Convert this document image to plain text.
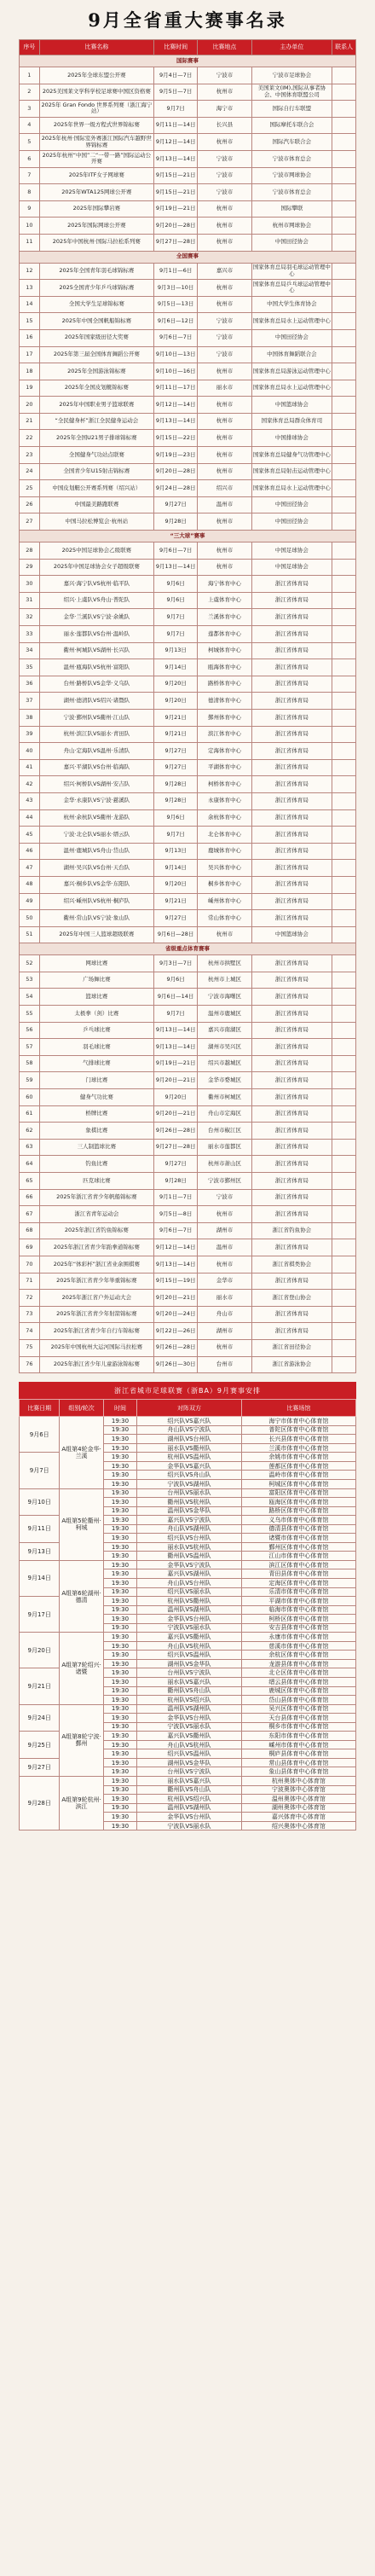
9月全省重大赛事名录
序号	比赛名称	比赛时间	比赛地点	主办单位	联系人
国际赛事					
1	2025年全球东盟公开赛	9月4日—7日	宁波市	宁波市足球协会	
2	2025美国莱文学科学校足球赛中国区资格赛	9月5日—7日	杭州市	美国莱文(IM),国际从事者协会、中国体育联盟公司	
3	2025年 Gran Fondo 世界系列赛（浙江海宁站）	9月7日	海宁市	国际自行车联盟	
4	2025年世界一级方程式世界锦标赛	9月11日—14日	长兴县	国际摩托车联合会	
5	2025年杭州·国际室外赛浙江国际汽车越野世界锦标赛	9月12日—14日	杭州市	国际汽车联合会	
6	2025年杭州“中国”二“一带一路”国际运动公开赛	9月13日—14日	宁波市	宁波市体育总会	
7	2025年ITF女子网球赛	9月15日—21日	宁波市	宁波市网球协会	
8	2025年WTA125网球公开赛	9月15日—21日	宁波市	宁波市体育总会	
9	2025年国际攀岩赛	9月19日—21日	杭州市	国际攀联	
10	2025年国际网球公开赛	9月20日—28日	杭州市	杭州市网球协会	
11	2025年中国杭州·国际马拉松系列赛	9月27日—28日	杭州市	中国田径协会	
全国赛事					
12	2025年全国青年羽毛球锦标赛	9月1日—6日	嘉兴市	国家体育总局羽毛球运动管理中心	
13	2025全国青少年乒乓球锦标赛	9月3日—10日	杭州市	国家体育总局乒乓球运动管理中心	
14	全国大学生足球锦标赛	9月5日—13日	杭州市	中国大学生体育协会	
15	2025年中国全国帆船锦标赛	9月6日—12日	宁波市	国家体育总局水上运动管理中心	
16	2025年国家级田径大奖赛	9月6日—7日	宁波市	中国田径协会	
17	2025年第三届全国体育舞蹈公开赛	9月10日—13日	宁波市	中国体育舞蹈联合会	
18	2025年全国游泳锦标赛	9月10日—16日	杭州市	国家体育总局游泳运动管理中心	
19	2025年全国皮划艇锦标赛	9月11日—17日	丽水市	国家体育总局水上运动管理中心	
20	2025年中国职业男子篮球联赛	9月12日—14日	杭州市	中国篮球协会	
21	“全民健身杯”浙江全民健身运动会	9月13日—14日	杭州市	国家体育总局群众体育司	
22	2025年全国U21男子排球锦标赛	9月15日—22日	杭州市	中国排球协会	
23	全国健身气功站点联赛	9月19日—23日	杭州市	国家体育总局健身气功管理中心	
24	全国青少年U15射击锦标赛	9月20日—28日	杭州市	国家体育总局射击运动管理中心	
25	中国皮划艇公开赛系列赛（绍兴站）	9月24日—28日	绍兴市	国家体育总局水上运动管理中心	
26	中国最美路跑联赛	9月27日	温州市	中国田径协会	
27	中国马拉松博览会·杭州站	9月28日	杭州市	中国田径协会	
“三大球”赛事					
28	2025中国足球协会乙级联赛	9月6日—7日	杭州市	中国足球协会	
29	2025年中国足球协会女子超级联赛	9月13日—14日	杭州市	中国足球协会	
30	嘉兴·海宁队VS杭州·临平队	9月6日	海宁体育中心	浙江省体育局	
31	绍兴·上虞队VS舟山·普陀队	9月6日	上虞体育中心	浙江省体育局	
32	金华·兰溪队VS宁波·余姚队	9月7日	兰溪体育中心	浙江省体育局	
33	丽水·莲都队VS台州·温岭队	9月7日	莲都体育中心	浙江省体育局	
34	衢州·柯城队VS湖州·长兴队	9月13日	柯城体育中心	浙江省体育局	
35	温州·瓯海队VS杭州·富阳队	9月14日	瓯海体育中心	浙江省体育局	
36	台州·路桥队VS金华·义乌队	9月20日	路桥体育中心	浙江省体育局	
37	湖州·德清队VS绍兴·诸暨队	9月20日	德清体育中心	浙江省体育局	
38	宁波·鄞州队VS衢州·江山队	9月21日	鄞州体育中心	浙江省体育局	
39	杭州·滨江队VS丽水·青田队	9月21日	滨江体育中心	浙江省体育局	
40	舟山·定海队VS温州·乐清队	9月27日	定海体育中心	浙江省体育局	
41	嘉兴·平湖队VS台州·临海队	9月27日	平湖体育中心	浙江省体育局	
42	绍兴·柯桥队VS湖州·安吉队	9月28日	柯桥体育中心	浙江省体育局	
43	金华·永康队VS宁波·慈溪队	9月28日	永康体育中心	浙江省体育局	
44	杭州·余杭队VS衢州·龙游队	9月6日	余杭体育中心	浙江省体育局	
45	宁波·北仑队VS丽水·缙云队	9月7日	北仑体育中心	浙江省体育局	
46	温州·鹿城队VS舟山·岱山队	9月13日	鹿城体育中心	浙江省体育局	
47	湖州·吴兴队VS台州·天台队	9月14日	吴兴体育中心	浙江省体育局	
48	嘉兴·桐乡队VS金华·东阳队	9月20日	桐乡体育中心	浙江省体育局	
49	绍兴·嵊州队VS杭州·桐庐队	9月21日	嵊州体育中心	浙江省体育局	
50	衢州·常山队VS宁波·象山队	9月27日	常山体育中心	浙江省体育局	
51	2025年中国三人篮球超级联赛	9月6日—28日	杭州市	中国篮球协会	
省级重点体育赛事					
52	网球比赛	9月3日—7日	杭州市拱墅区	浙江省体育局	
53	广场舞比赛	9月6日	杭州市上城区	浙江省体育局	
54	篮球比赛	9月6日—14日	宁波市海曙区	浙江省体育局	
55	太极拳（剑）比赛	9月7日	温州市鹿城区	浙江省体育局	
56	乒乓球比赛	9月13日—14日	嘉兴市南湖区	浙江省体育局	
57	羽毛球比赛	9月13日—14日	湖州市吴兴区	浙江省体育局	
58	气排球比赛	9月19日—21日	绍兴市越城区	浙江省体育局	
59	门球比赛	9月20日—21日	金华市婺城区	浙江省体育局	
60	健身气功比赛	9月20日	衢州市柯城区	浙江省体育局	
61	桥牌比赛	9月20日—21日	舟山市定海区	浙江省体育局	
62	象棋比赛	9月26日—28日	台州市椒江区	浙江省体育局	
63	三人制篮球比赛	9月27日—28日	丽水市莲都区	浙江省体育局	
64	钓鱼比赛	9月27日	杭州市萧山区	浙江省体育局	
65	匹克球比赛	9月28日	宁波市鄞州区	浙江省体育局	
66	2025年浙江省青少年帆船锦标赛	9月1日—7日	宁波市	浙江省体育局	
67	浙江省青年运动会	9月5日—8日	杭州市	浙江省体育局	
68	2025年浙江省钓鱼锦标赛	9月6日—7日	湖州市	浙江省钓鱼协会	
69	2025年浙江省青少年跆拳道锦标赛	9月12日—14日	温州市	浙江省体育局	
70	2025年“体彩杯”浙江省业余围棋赛	9月13日—14日	杭州市	浙江省棋类协会	
71	2025年浙江省青少年举重锦标赛	9月15日—19日	金华市	浙江省体育局	
72	2025年浙江省户外运动大会	9月20日—21日	丽水市	浙江省登山协会	
73	2025年浙江省青少年射箭锦标赛	9月20日—24日	舟山市	浙江省体育局	
74	2025年浙江省青少年自行车锦标赛	9月22日—26日	湖州市	浙江省体育局	
75	2025年中国杭州大运河国际马拉松赛	9月26日—28日	杭州市	浙江省田径协会	
76	2025年浙江省少年儿童游泳锦标赛	9月26日—30日	台州市	浙江省游泳协会	
浙江省城市足球联赛（浙BA）9月赛事安排
比赛日期	组别/轮次	时间	对阵双方	比赛场馆
9月6日	A组第4轮金华·兰溪	19:30	绍兴队VS嘉兴队	海宁市体育中心体育馆
		19:30	舟山队VS宁波队	普陀区体育中心体育馆
		19:30	湖州队VS台州队	长兴县体育中心体育馆
		19:30	丽水队VS衢州队	兰溪市体育中心体育馆
9月7日		19:30	杭州队VS温州队	余姚市体育中心体育馆
		19:30	金华队VS嘉兴队	莲都区体育中心体育馆
		19:30	绍兴队VS舟山队	温岭市体育中心体育馆
		19:30	宁波队VS湖州队	柯城区体育中心体育馆
9月10日	A组第5轮衢州·柯城	19:30	台州队VS丽水队	富阳区体育中心体育馆
		19:30	衢州队VS杭州队	瓯海区体育中心体育馆
		19:30	温州队VS金华队	路桥区体育中心体育馆
9月11日		19:30	嘉兴队VS宁波队	义乌市体育中心体育馆
		19:30	舟山队VS湖州队	德清县体育中心体育馆
		19:30	绍兴队VS台州队	诸暨市体育中心体育馆
9月13日		19:30	丽水队VS杭州队	鄞州区体育中心体育馆
		19:30	衢州队VS温州队	江山市体育中心体育馆
9月14日	A组第6轮湖州·德清	19:30	金华队VS宁波队	滨江区体育中心体育馆
		19:30	嘉兴队VS湖州队	青田县体育中心体育馆
		19:30	舟山队VS台州队	定海区体育中心体育馆
		19:30	绍兴队VS丽水队	乐清市体育中心体育馆
9月17日		19:30	杭州队VS衢州队	平湖市体育中心体育馆
		19:30	温州队VS湖州队	临海市体育中心体育馆
		19:30	金华队VS台州队	柯桥区体育中心体育馆
		19:30	宁波队VS丽水队	安吉县体育中心体育馆
9月20日	A组第7轮绍兴·诸暨	19:30	嘉兴队VS衢州队	永康市体育中心体育馆
		19:30	舟山队VS杭州队	慈溪市体育中心体育馆
		19:30	绍兴队VS温州队	余杭区体育中心体育馆
		19:30	湖州队VS金华队	龙游县体育中心体育馆
9月21日		19:30	台州队VS宁波队	北仑区体育中心体育馆
		19:30	丽水队VS嘉兴队	缙云县体育中心体育馆
		19:30	衢州队VS舟山队	鹿城区体育中心体育馆
		19:30	杭州队VS绍兴队	岱山县体育中心体育馆
9月24日	A组第8轮宁波·鄞州	19:30	温州队VS湖州队	吴兴区体育中心体育馆
		19:30	金华队VS台州队	天台县体育中心体育馆
		19:30	宁波队VS丽水队	桐乡市体育中心体育馆
9月25日		19:30	嘉兴队VS衢州队	东阳市体育中心体育馆
		19:30	舟山队VS杭州队	嵊州市体育中心体育馆
		19:30	绍兴队VS温州队	桐庐县体育中心体育馆
9月27日		19:30	湖州队VS金华队	常山县体育中心体育馆
		19:30	台州队VS宁波队	象山县体育中心体育馆
9月28日	A组第9轮杭州·滨江	19:30	丽水队VS嘉兴队	杭州奥体中心体育馆
		19:30	衢州队VS舟山队	宁波奥体中心体育馆
		19:30	杭州队VS绍兴队	温州奥体中心体育馆
		19:30	温州队VS湖州队	湖州奥体中心体育馆
		19:30	金华队VS台州队	嘉兴体育中心体育馆
		19:30	宁波队VS丽水队	绍兴奥体中心体育馆
